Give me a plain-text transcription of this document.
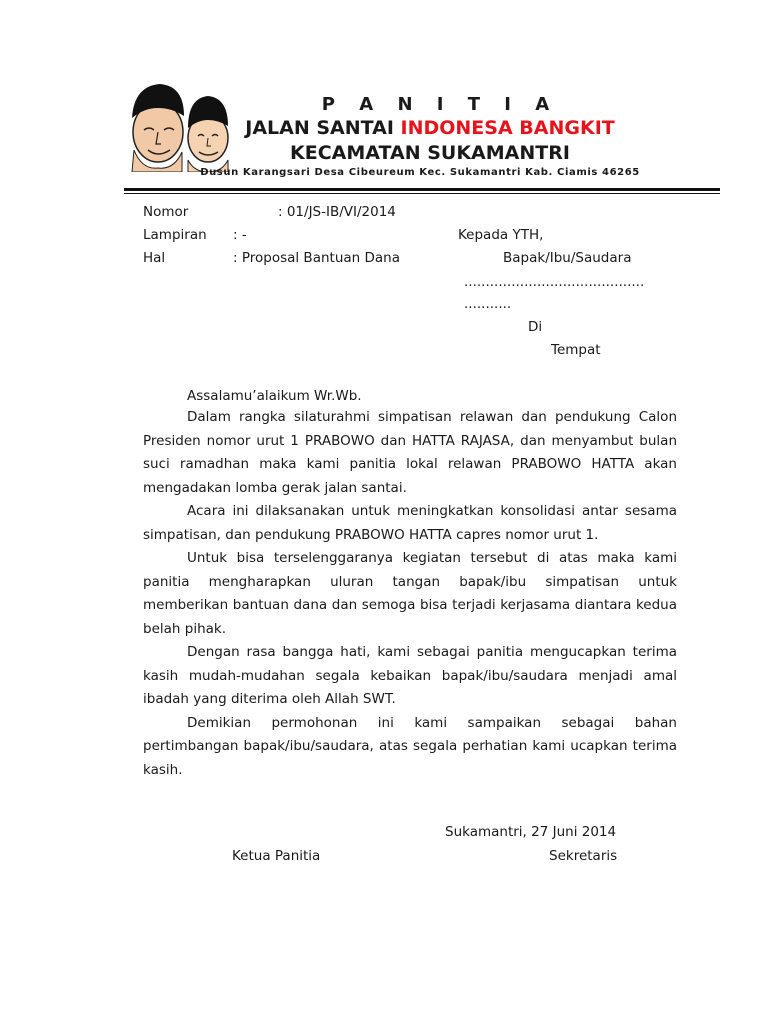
P A N I T I A
JALAN SANTAI INDONESA BANGKIT
KECAMATAN SUKAMANTRI
Dusun Karangsari Desa Cibeureum Kec. Sukamantri Kab. Ciamis 46265
Nomor	: 01/JS-IB/VI/2014
Lampiran : -
Hal	: Proposal Bantuan Dana
Kepada YTH,
Bapak/Ibu/Saudara
..........................................
...........
Di
Tempat
Assalamu’alaikum Wr.Wb.

Dalam rangka silaturahmi simpatisan relawan dan pendukung Calon Presiden nomor urut 1 PRABOWO dan HATTA RAJASA, dan menyambut bulan suci ramadhan maka kami panitia lokal relawan PRABOWO HATTA akan mengadakan lomba gerak jalan santai.

Acara ini dilaksanakan untuk meningkatkan konsolidasi antar sesama simpatisan, dan pendukung PRABOWO HATTA capres nomor urut 1.

Untuk bisa terselenggaranya kegiatan tersebut di atas maka kami panitia mengharapkan uluran tangan bapak/ibu simpatisan untuk memberikan bantuan dana dan semoga bisa terjadi kerjasama diantara kedua belah pihak.

Dengan rasa bangga hati, kami sebagai panitia mengucapkan terima kasih mudah-mudahan segala kebaikan bapak/ibu/saudara menjadi amal ibadah yang diterima oleh Allah SWT.

Demikian permohonan ini kami sampaikan sebagai bahan pertimbangan bapak/ibu/saudara, atas segala perhatian kami ucapkan terima kasih.

Sukamantri, 27 Juni 2014
Ketua Panitia	Sekretaris
